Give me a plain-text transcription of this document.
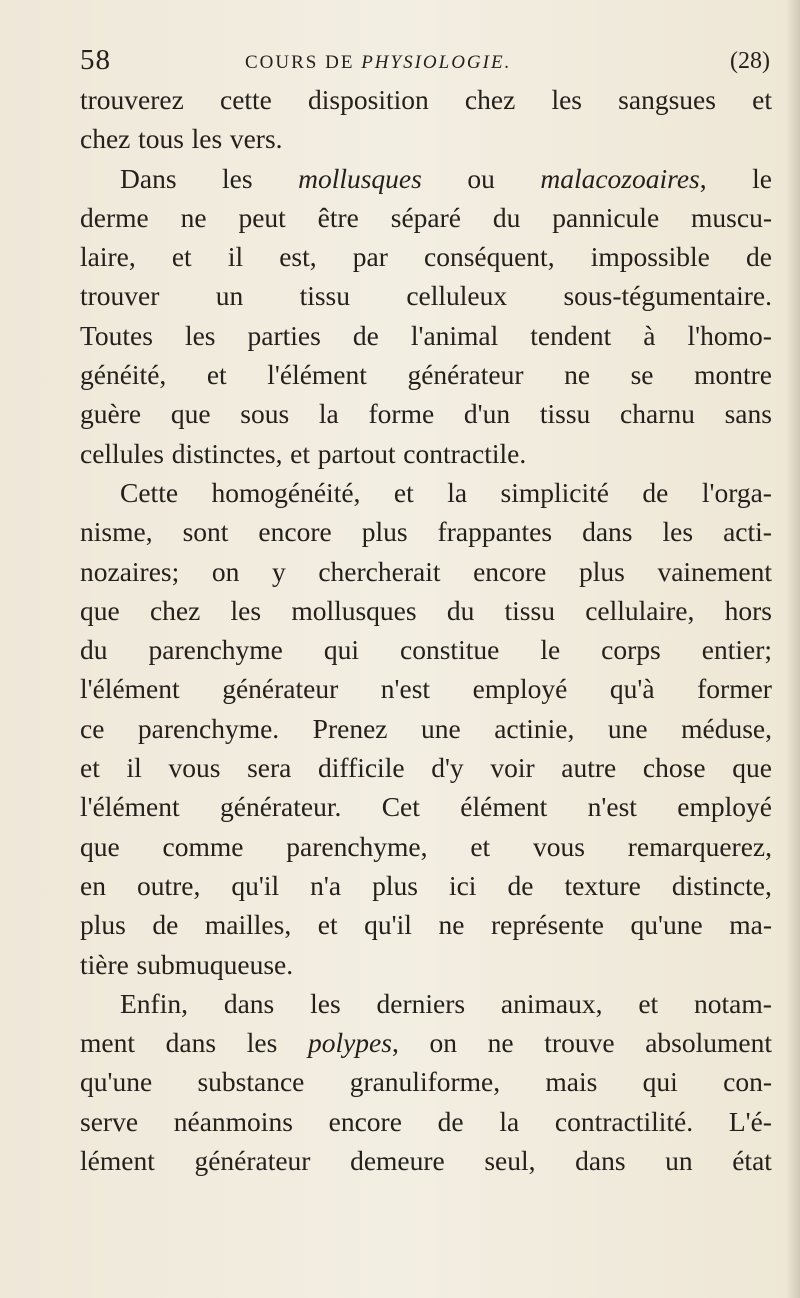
58	COURS DE PHYSIOLOGIE.	(28)
trouverez cette disposition chez les sangsues et
chez tous les vers.
Dans les mollusques ou malacozoaires, le
derme ne peut être séparé du pannicule muscu-
laire, et il est, par conséquent, impossible de
trouver un tissu celluleux sous-tégumentaire.
Toutes les parties de l'animal tendent à l'homo-
généité, et l'élément générateur ne se montre
guère que sous la forme d'un tissu charnu sans
cellules distinctes, et partout contractile.
Cette homogénéité, et la simplicité de l'orga-
nisme, sont encore plus frappantes dans les acti-
nozaires; on y chercherait encore plus vainement
que chez les mollusques du tissu cellulaire, hors
du parenchyme qui constitue le corps entier;
l'élément générateur n'est employé qu'à former
ce parenchyme. Prenez une actinie, une méduse,
et il vous sera difficile d'y voir autre chose que
l'élément générateur. Cet élément n'est employé
que comme parenchyme, et vous remarquerez,
en outre, qu'il n'a plus ici de texture distincte,
plus de mailles, et qu'il ne représente qu'une ma-
tière submuqueuse.
Enfin, dans les derniers animaux, et notam-
ment dans les polypes, on ne trouve absolument
qu'une substance granuliforme, mais qui con-
serve néanmoins encore de la contractilité. L'é-
lément générateur demeure seul, dans un état
